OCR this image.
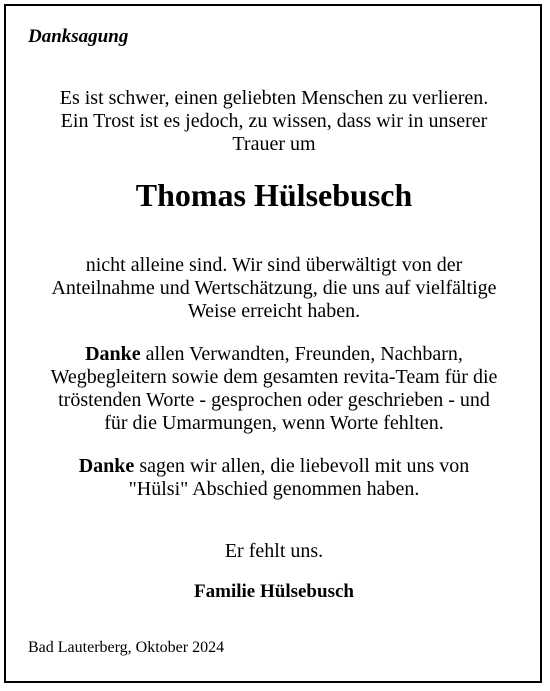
Danksagung
Es ist schwer, einen geliebten Menschen zu verlieren.
Ein Trost ist es jedoch, zu wissen, dass wir in unserer
Trauer um
Thomas Hülsebusch
nicht alleine sind. Wir sind überwältigt von der
Anteilnahme und Wertschätzung, die uns auf vielfältige
Weise erreicht haben.
Danke allen Verwandten, Freunden, Nachbarn,
Wegbegleitern sowie dem gesamten revita-Team für die
tröstenden Worte - gesprochen oder geschrieben - und
für die Umarmungen, wenn Worte fehlten.
Danke sagen wir allen, die liebevoll mit uns von
"Hülsi" Abschied genommen haben.
Er fehlt uns.
Familie Hülsebusch
Bad Lauterberg, Oktober 2024
